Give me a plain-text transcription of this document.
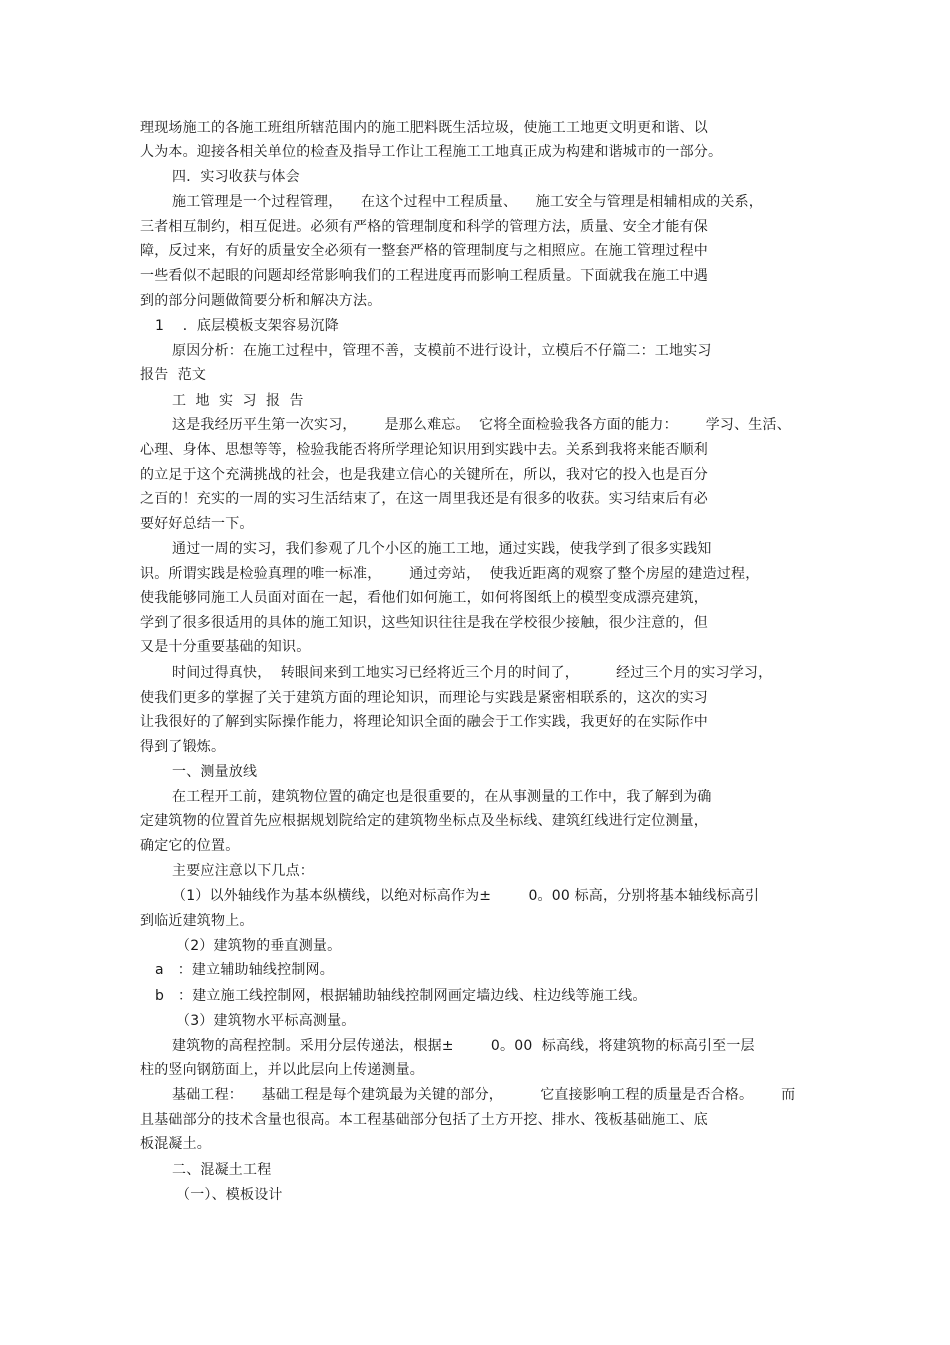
理现场施工的各施工班组所辖范围内的施工肥料既生活垃圾，使施工工地更文明更和谐、以
人为本。迎接各相关单位的检查及指导工作让工程施工工地真正成为构建和谐城市的一部分。
四．实习收获与体会
施工管理是一个过程管理，    在这个过程中工程质量、    施工安全与管理是相辅相成的关系，
三者相互制约，相互促进。必须有严格的管理制度和科学的管理方法，质量、安全才能有保
障，反过来，有好的质量安全必须有一整套严格的管理制度与之相照应。在施工管理过程中
一些看似不起眼的问题却经常影响我们的工程进度再而影响工程质量。下面就我在施工中遇
到的部分问题做简要分析和解决方法。
1    ．底层模板支架容易沉降
原因分析：在施工过程中，管理不善，支模前不进行设计，立模后不仔篇二：工地实习
报告  范文
工  地  实  习  报  告
这是我经历平生第一次实习，      是那么难忘。  它将全面检验我各方面的能力：      学习、生活、
心理、身体、思想等等，检验我能否将所学理论知识用到实践中去。关系到我将来能否顺利
的立足于这个充满挑战的社会，也是我建立信心的关键所在，所以，我对它的投入也是百分
之百的！充实的一周的实习生活结束了，在这一周里我还是有很多的收获。实习结束后有必
要好好总结一下。
通过一周的实习，我们参观了几个小区的施工工地，通过实践，使我学到了很多实践知
识。所谓实践是检验真理的唯一标准，      通过旁站，  使我近距离的观察了整个房屋的建造过程，
使我能够同施工人员面对面在一起，看他们如何施工，如何将图纸上的模型变成漂亮建筑，
学到了很多很适用的具体的施工知识，这些知识往往是我在学校很少接触，很少注意的，但
又是十分重要基础的知识。
时间过得真快，  转眼间来到工地实习已经将近三个月的时间了，        经过三个月的实习学习，
使我们更多的掌握了关于建筑方面的理论知识，而理论与实践是紧密相联系的，这次的实习
让我很好的了解到实际操作能力，将理论知识全面的融会于工作实践，我更好的在实际作中
得到了锻炼。
一、测量放线
在工程开工前，建筑物位置的确定也是很重要的，在从事测量的工作中，我了解到为确
定建筑物的位置首先应根据规划院给定的建筑物坐标点及坐标线、建筑红线进行定位测量，
确定它的位置。
主要应注意以下几点：
（1）以外轴线作为基本纵横线，以绝对标高作为±        0。00 标高，分别将基本轴线标高引
到临近建筑物上。
（2）建筑物的垂直测量。
a   ：建立辅助轴线控制网。
b   ：建立施工线控制网，根据辅助轴线控制网画定墙边线、柱边线等施工线。
（3）建筑物水平标高测量。
建筑物的高程控制。采用分层传递法，根据±        0。00  标高线，将建筑物的标高引至一层
柱的竖向钢筋面上，并以此层向上传递测量。
基础工程：    基础工程是每个建筑最为关键的部分，        它直接影响工程的质量是否合格。      而
且基础部分的技术含量也很高。本工程基础部分包括了土方开挖、排水、筏板基础施工、底
板混凝土。
二、混凝土工程
（一）、模板设计
